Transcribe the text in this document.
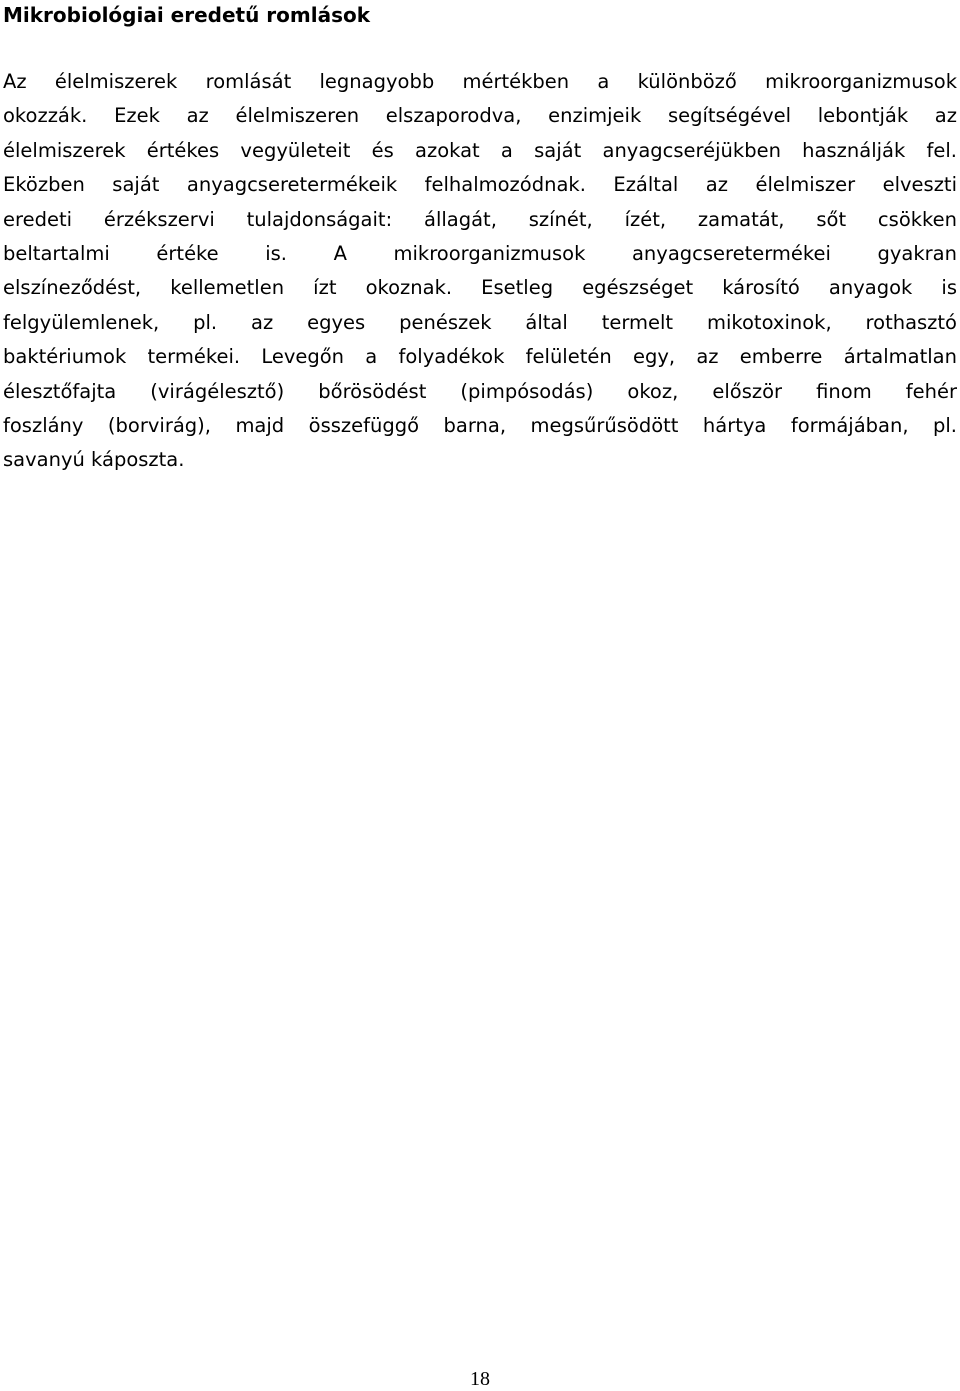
Mikrobiológiai eredetű romlások
Az élelmiszerek romlását legnagyobb mértékben a különböző mikroorganizmusok
okozzák. Ezek az élelmiszeren elszaporodva, enzimjeik segítségével lebontják az
élelmiszerek értékes vegyületeit és azokat a saját anyagcseréjükben használják fel.
Eközben saját anyagcseretermékeik felhalmozódnak. Ezáltal az élelmiszer elveszti
eredeti érzékszervi tulajdonságait: állagát, színét, ízét, zamatát, sőt csökken
beltartalmi értéke is. A mikroorganizmusok anyagcseretermékei gyakran
elszíneződést, kellemetlen ízt okoznak. Esetleg egészséget károsító anyagok is
felgyülemlenek, pl. az egyes penészek által termelt mikotoxinok, rothasztó
baktériumok termékei. Levegőn a folyadékok felületén egy, az emberre ártalmatlan
élesztőfajta (virágélesztő) bőrösödést (pimpósodás) okoz, először finom fehér
foszlány (borvirág), majd összefüggő barna, megsűrűsödött hártya formájában, pl.
savanyú káposzta.
18
